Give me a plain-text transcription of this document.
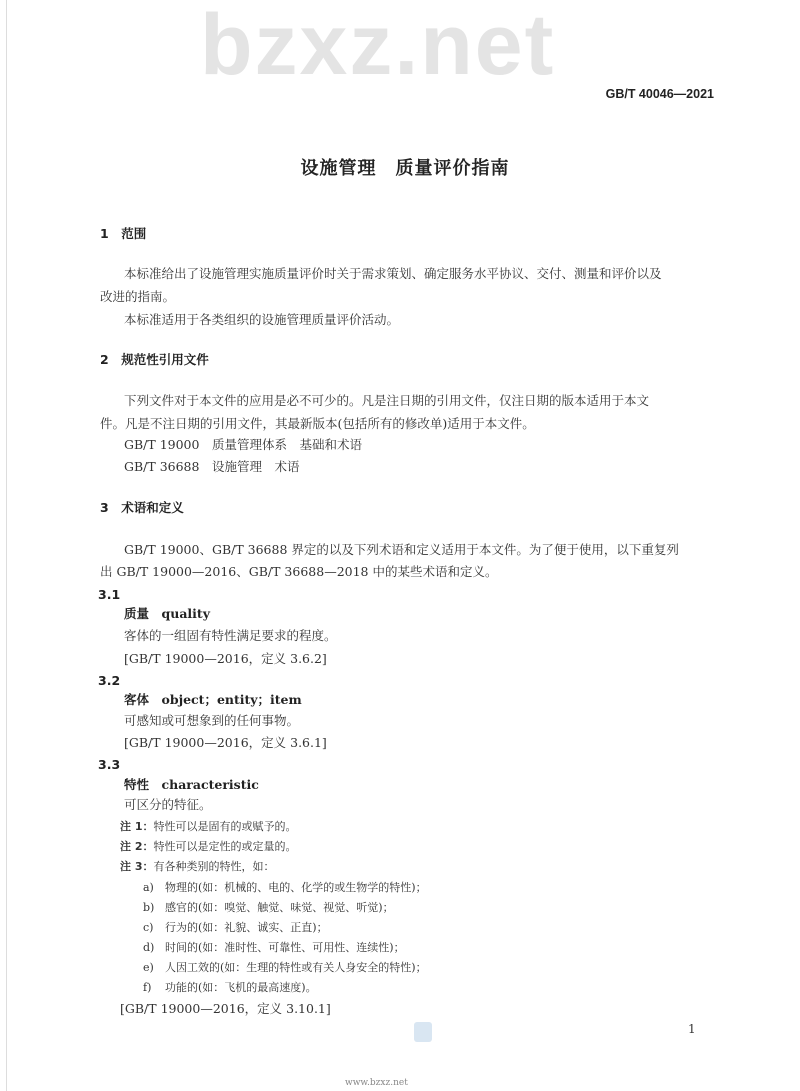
bzxz.net
GB/T 40046—2021
设施管理　质量评价指南
1　范围
本标准给出了设施管理实施质量评价时关于需求策划、确定服务水平协议、交付、测量和评价以及
改进的指南。
本标准适用于各类组织的设施管理质量评价活动。
2　规范性引用文件
下列文件对于本文件的应用是必不可少的。凡是注日期的引用文件，仅注日期的版本适用于本文
件。凡是不注日期的引用文件，其最新版本(包括所有的修改单)适用于本文件。
GB/T 19000　质量管理体系　基础和术语
GB/T 36688　设施管理　术语
3　术语和定义
GB/T 19000、GB/T 36688 界定的以及下列术语和定义适用于本文件。为了便于使用，以下重复列
出 GB/T 19000—2016、GB/T 36688—2018 中的某些术语和定义。
3.1
质量　quality
客体的一组固有特性满足要求的程度。
[GB/T 19000—2016，定义 3.6.2]
3.2
客体　object；entity；item
可感知或可想象到的任何事物。
[GB/T 19000—2016，定义 3.6.1]
3.3
特性　characteristic
可区分的特征。
注 1：特性可以是固有的或赋予的。
注 2：特性可以是定性的或定量的。
注 3：有各种类别的特性，如：
a) 物理的(如：机械的、电的、化学的或生物学的特性)；
b) 感官的(如：嗅觉、触觉、味觉、视觉、听觉)；
c) 行为的(如：礼貌、诚实、正直)；
d) 时间的(如：准时性、可靠性、可用性、连续性)；
e) 人因工效的(如：生理的特性或有关人身安全的特性)；
f) 功能的(如：飞机的最高速度)。
[GB/T 19000—2016，定义 3.10.1]
1
www.bzxz.net
